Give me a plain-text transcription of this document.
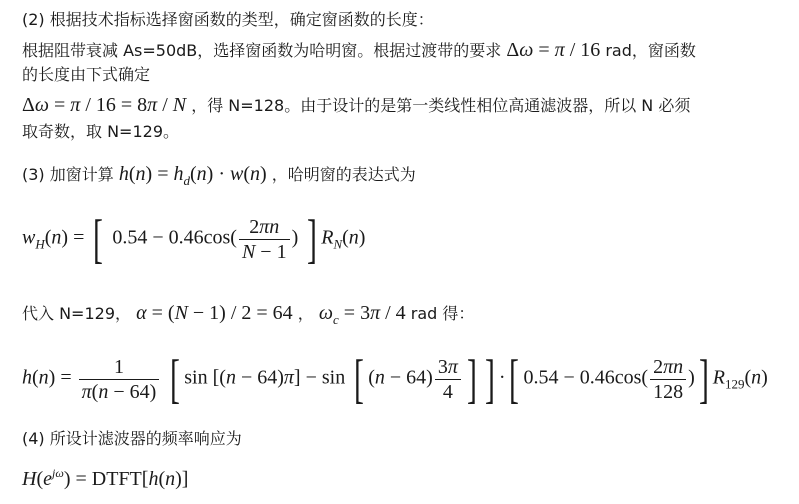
(2) 根据技术指标选择窗函数的类型，确定窗函数的长度：
根据阻带衰减 As=50dB，选择窗函数为哈明窗。根据过渡带的要求 Δω = π / 16 rad，窗函数
的长度由下式确定
Δω = π / 16 = 8π / N ，得 N=128。由于设计的是第一类线性相位高通滤波器，所以 N 必须
取奇数，取 N=129。
(3) 加窗计算 $h(n) = h_d(n) \cdot w(n)$ ，哈明窗的表达式为
$w_H(n)$ = [ $0.54 - 0.46\cos( \frac{2\pi n}{N - 1}$ ) ] $R_N(n)$
代入 N=129， α = (N − 1) / 2 = 64 ， $\omega_c = 3\pi / 4$ rad 得：
$h(n) = \frac{1}{\pi(n - 64)}$ [ sin [(n − 64)π] − sin [ $(n - 64) \frac{3\pi}{4}$ ] ] ·[ $0.54 - 0.46\cos( \frac{2\pi n}{128}$ )] $R_{129}(n)$
(4) 所设计滤波器的频率响应为
$H(e^{j\omega})$ = DTFT[h(n)]
